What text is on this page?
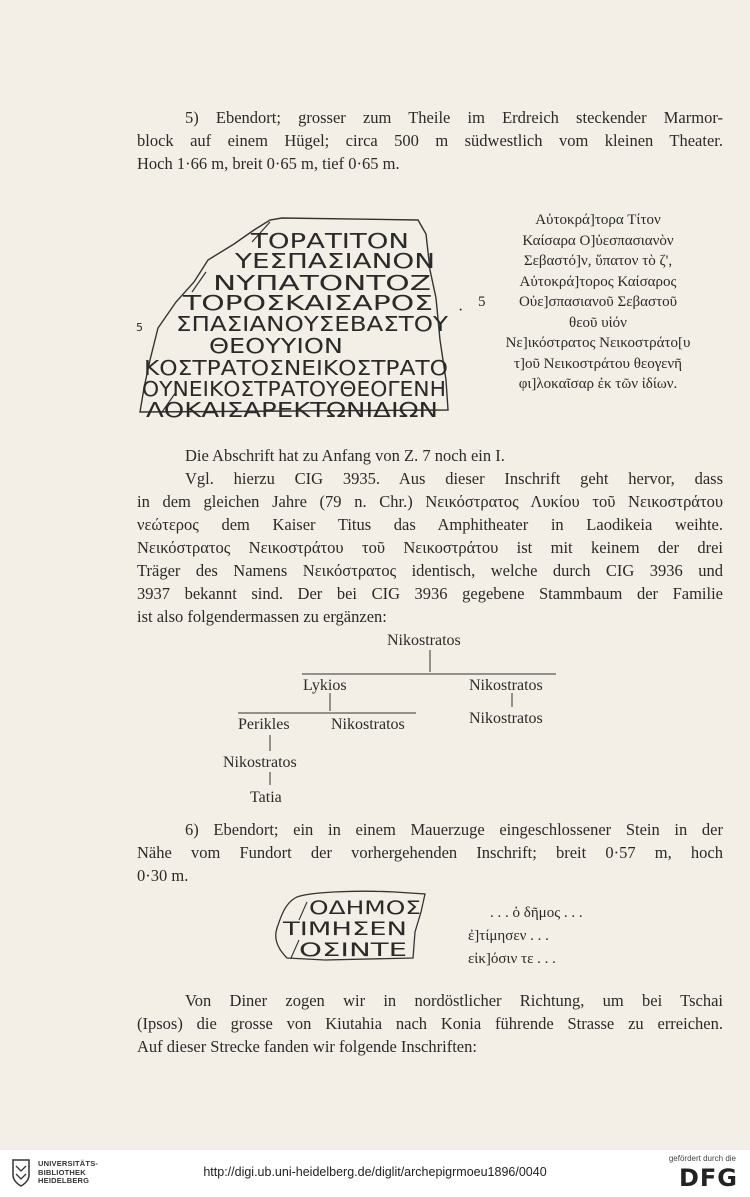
5) Ebendort; grosser zum Theile im Erdreich steckender Marmor-
block auf einem Hügel; circa 500 m südwestlich vom kleinen Theater.
Hoch 1·66 m, breit 0·65 m, tief 0·65 m.
ΤΟΡΑΤΙΤΟΝ
ΥΕΣΠΑΣΙΑΝΟΝ
ΝΥΠΑΤΟΝΤΟΖ
ΤΟΡΟΣΚΑΙΣΑΡΟΣ
ΣΠΑΣΙΑΝΟΥΣΕΒΑΣΤΟΥ
ΘΕΟΥΥΙΟΝ
ΚΟΣΤΡΑΤΟΣΝΕΙΚΟΣΤΡΑΤΟ
ΟΥΝΕΙΚΟΣΤΡΑΤΟΥΘΕΟΓΕΝΗ
ΛΟΚΑΙΣΑΡΕΚΤΩΝΙΔΙΩΝ
5
·
Αὐτοκρά]τορα Τίτον
Καίσαρα Ο]ὐεσπασιανὸν
Σεβαστό]ν, ὕπατον τὸ ζ',
Αὐτοκρά]τορος Καίσαρος
5 Οὐε]σπασιανοῦ Σεβαστοῦ
θεοῦ υἱόν
Νε]ικόστρατος Νεικοστράτο[υ
τ]οῦ Νεικοστράτου θεογενῆ
φι]λοκαῖσαρ ἐκ τῶν ἰδίων.
Die Abschrift hat zu Anfang von Z. 7 noch ein I.
Vgl. hierzu CIG 3935. Aus dieser Inschrift geht hervor, dass
in dem gleichen Jahre (79 n. Chr.) Νεικόστρατος Λυκίου τοῦ Νεικοστράτου
νεώτερος dem Kaiser Titus das Amphitheater in Laodikeia weihte.
Νεικόστρατος Νεικοστράτου τοῦ Νεικοστράτου ist mit keinem der drei
Träger des Namens Νεικόστρατος identisch, welche durch CIG 3936 und
3937 bekannt sind. Der bei CIG 3936 gegebene Stammbaum der Familie
ist also folgendermassen zu ergänzen:
Nikostratos
Lykios	Nikostratos
Nikostratos
Perikles	Nikostratos
Nikostratos
Tatia
6) Ebendort; ein in einem Mauerzuge eingeschlossener Stein in der
Nähe vom Fundort der vorhergehenden Inschrift; breit 0·57 m, hoch
0·30 m.
ΟΔΗΜΟΣ
ΤΙΜΗΣΕΝ
ΟΣΙΝΤΕ
. . . ὁ δῆμος . . .
ἐ]τίμησεν . . .
εἰκ]όσιν τε . . .
Von Diner zogen wir in nordöstlicher Richtung, um bei Tschai
(Ipsos) die grosse von Kiutahia nach Konia führende Strasse zu erreichen.
Auf dieser Strecke fanden wir folgende Inschriften:
UNIVERSITÄTS-
BIBLIOTHEK
HEIDELBERG
http://digi.ub.uni-heidelberg.de/diglit/archepigrmoeu1896/0040
gefördert durch die
DFG
